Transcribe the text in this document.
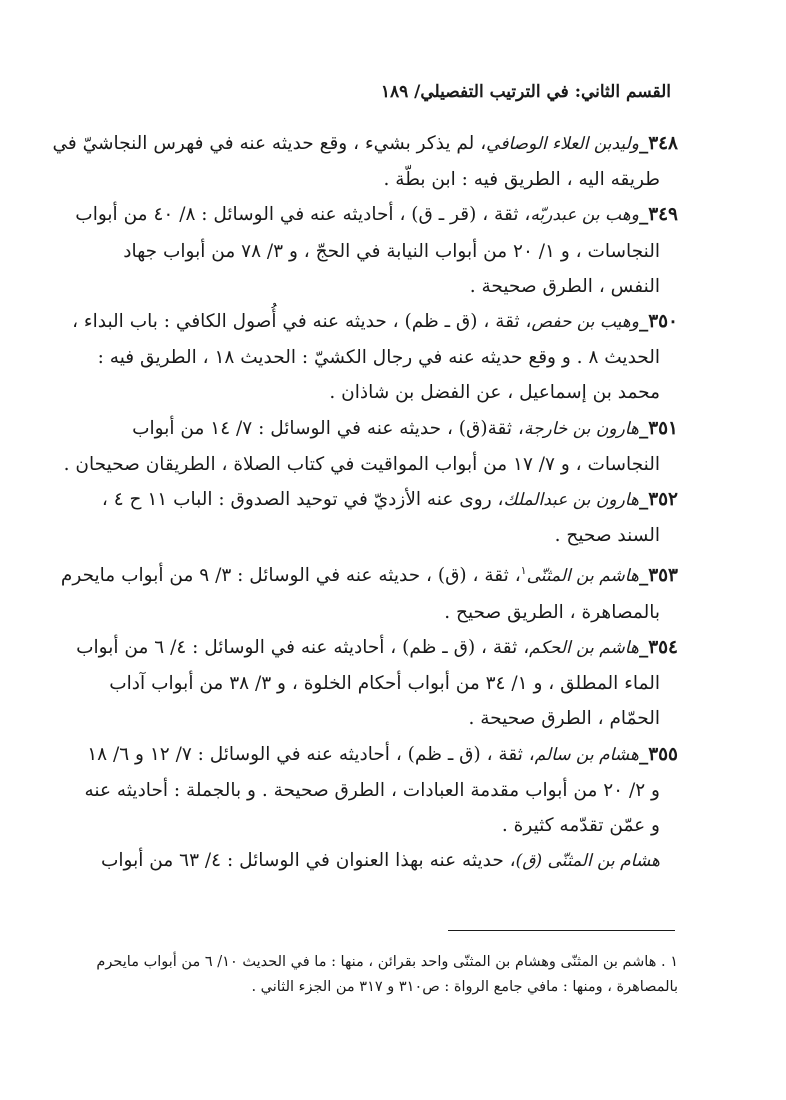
القسم الثاني: في الترتيب التفصيلي/ ١٨٩
٣٤٨_وليدبن العلاء الوصافي، لم يذكر بشيء ، وقع حديثه عنه في فهرس النجاشيّ في
طريقه اليه ، الطريق فيه : ابن بطّة .
٣٤٩_وهب بن عبدربّه، ثقة ، (قر ـ ق) ، أحاديثه عنه في الوسائل : ٨/ ٤٠ من أبواب
النجاسات ، و ١/ ٢٠ من أبواب النيابة في الحجّ ، و ٣/ ٧٨ من أبواب جهاد
النفس ، الطرق صحيحة .
٣٥٠_وهيب بن حفص، ثقة ، (ق ـ ظم) ، حديثه عنه في أُصول الكافي : باب البداء ،
الحديث ٨ . و وقع حديثه عنه في رجال الكشيّ : الحديث ١٨ ، الطريق فيه :
محمد بن إسماعيل ، عن الفضل بن شاذان .
٣٥١_هارون بن خارجة، ثقة(ق) ، حديثه عنه في الوسائل : ٧/ ١٤ من أبواب
النجاسات ، و ٧/ ١٧ من أبواب المواقيت في كتاب الصلاة ، الطريقان صحيحان .
٣٥٢_هارون بن عبدالملك، روى عنه الأزديّ في توحيد الصدوق : الباب ١١ ح ٤ ،
السند صحيح .
٣٥٣_هاشم بن المثنّى$^١$، ثقة ، (ق) ، حديثه عنه في الوسائل : ٣/ ٩ من أبواب مايحرم
بالمصاهرة ، الطريق صحيح .
٣٥٤_هاشم بن الحكم، ثقة ، (ق ـ ظم) ، أحاديثه عنه في الوسائل : ٤/ ٦ من أبواب
الماء المطلق ، و ١/ ٣٤ من أبواب أحكام الخلوة ، و ٣/ ٣٨ من أبواب آداب
الحمّام ، الطرق صحيحة .
٣٥٥_هشام بن سالم، ثقة ، (ق ـ ظم) ، أحاديثه عنه في الوسائل : ٧/ ١٢ و ٦/ ١٨
و ٢/ ٢٠ من أبواب مقدمة العبادات ، الطرق صحيحة . و بالجملة : أحاديثه عنه
و عمّن تقدّمه كثيرة .
هشام بن المثنّى (ق)، حديثه عنه بهذا العنوان في الوسائل : ٤/ ٦٣ من أبواب
١ . هاشم بن المثنّى وهشام بن المثنّى واحد بقرائن ، منها : ما في الحديث ١٠/ ٦ من أبواب مايحرم
بالمصاهرة ، ومنها : مافي جامع الرواة : ص٣١٠ و ٣١٧ من الجزء الثاني .
